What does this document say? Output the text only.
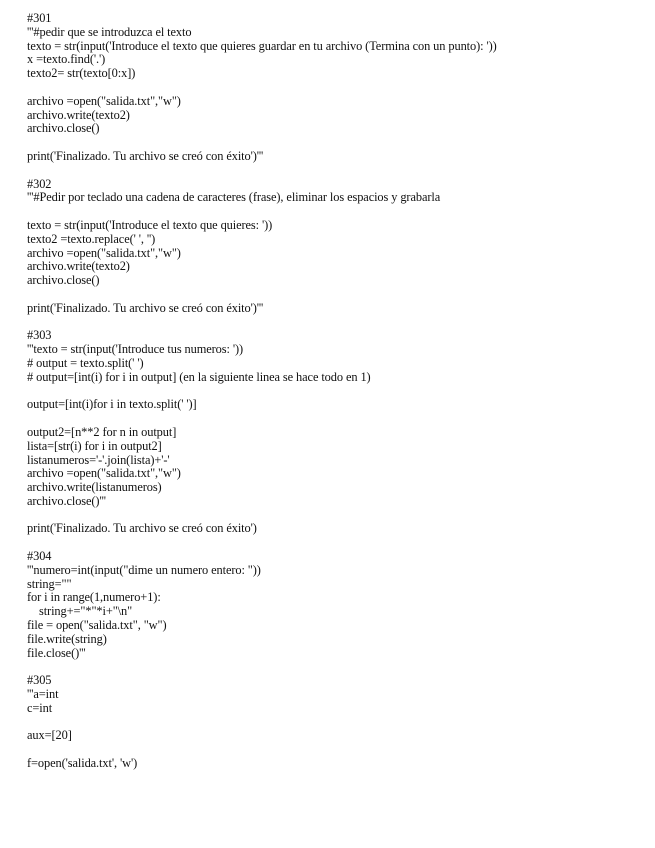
#301
'''#pedir que se introduzca el texto
texto = str(input('Introduce el texto que quieres guardar en tu archivo (Termina con un punto): '))
x =texto.find('.')
texto2= str(texto[0:x])
archivo =open("salida.txt","w")
archivo.write(texto2)
archivo.close()
print('Finalizado. Tu archivo se creó con éxito')'''
#302
'''#Pedir por teclado una cadena de caracteres (frase), eliminar los espacios y grabarla
texto = str(input('Introduce el texto que quieres: '))
texto2 =texto.replace(' ', '')
archivo =open("salida.txt","w")
archivo.write(texto2)
archivo.close()
print('Finalizado. Tu archivo se creó con éxito')'''
#303
'''texto = str(input('Introduce tus numeros: '))
# output = texto.split(' ')
# output=[int(i) for i in output] (en la siguiente linea se hace todo en 1)
output=[int(i)for i in texto.split(' ')]
output2=[n**2 for n in output]
lista=[str(i) for i in output2]
listanumeros='-'.join(lista)+'-'
archivo =open("salida.txt","w")
archivo.write(listanumeros)
archivo.close()'''
print('Finalizado. Tu archivo se creó con éxito')
#304
'''numero=int(input("dime un numero entero: "))
string=""
for i in range(1,numero+1):
string+="*"*i+"\n"
file = open("salida.txt", "w")
file.write(string)
file.close()'''
#305
'''a=int
c=int
aux=[20]
f=open('salida.txt', 'w')
